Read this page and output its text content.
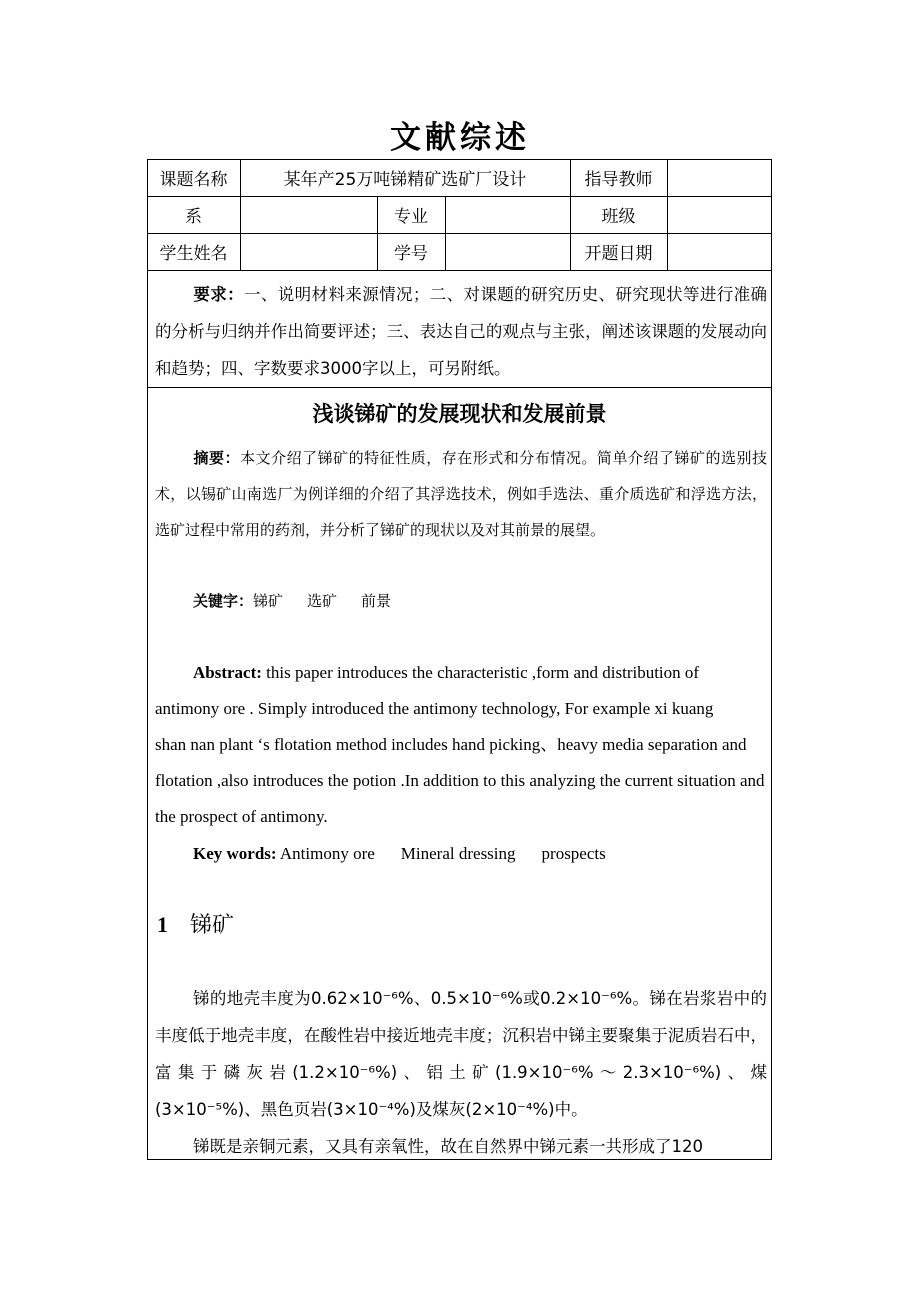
文献综述
课题名称	某年产25万吨锑精矿选矿厂设计	指导教师
系	专业	班级
学生姓名	学号	开题日期
要求：一、说明材料来源情况；二、对课题的研究历史、研究现状等进行准确的分析与归纳并作出简要评述；三、表达自己的观点与主张，阐述该课题的发展动向和趋势；四、字数要求3000字以上，可另附纸。
浅谈锑矿的发展现状和发展前景
摘要：本文介绍了锑矿的特征性质，存在形式和分布情况。简单介绍了锑矿的选别技术，以锡矿山南选厂为例详细的介绍了其浮选技术，例如手选法、重介质选矿和浮选方法，选矿过程中常用的药剂，并分析了锑矿的现状以及对其前景的展望。
关键字：锑矿 选矿 前景
Abstract: this paper introduces the characteristic ,form and distribution of antimony ore . Simply introduced the antimony technology, For example xi kuang      shan nan plant ‘s flotation method includes hand picking、heavy media separation and flotation ,also introduces the potion .In addition to this analyzing the current situation and the prospect of antimony.
Key words: Antimony ore Mineral dressing prospects
1 锑矿

锑的地壳丰度为0.62×10⁻⁶%、0.5×10⁻⁶%或0.2×10⁻⁶%。锑在岩浆岩中的丰度低于地壳丰度，在酸性岩中接近地壳丰度；沉积岩中锑主要聚集于泥质岩石中，富集于磷灰岩(1.2×10⁻⁶%)、铝土矿(1.9×10⁻⁶%～2.3×10⁻⁶%)、煤(3×10⁻⁵%)、黑色页岩(3×10⁻⁴%)及煤灰(2×10⁻⁴%)中。

锑既是亲铜元素，又具有亲氧性，故在自然界中锑元素一共形成了120
